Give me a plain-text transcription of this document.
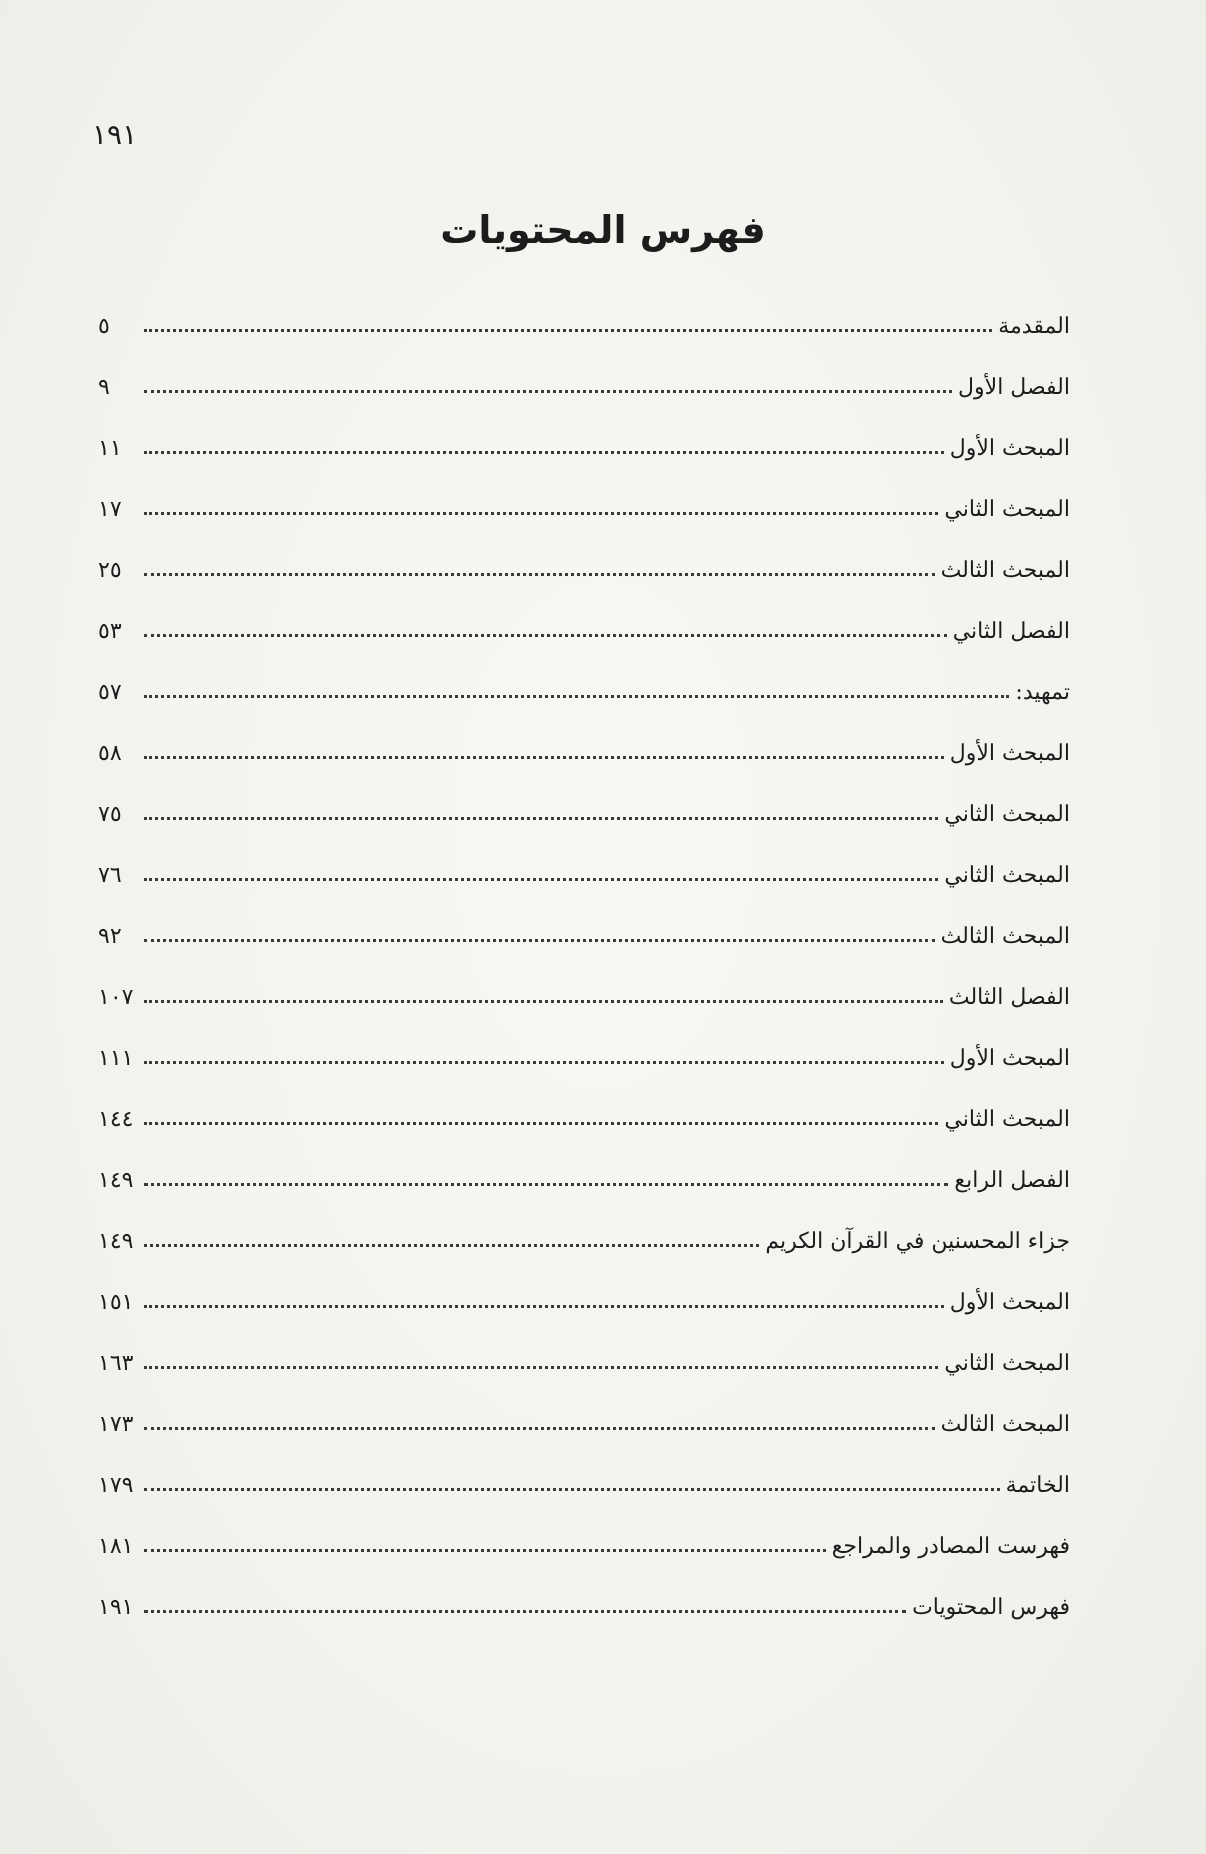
١٩١
فهرس المحتويات
المقدمة
٥
الفصل الأول
٩
المبحث الأول
١١
المبحث الثاني
١٧
المبحث الثالث
٢٥
الفصل الثاني
٥٣
تمهيد:
٥٧
المبحث الأول
٥٨
المبحث الثاني
٧٥
المبحث الثاني
٧٦
المبحث الثالث
٩٢
الفصل الثالث
١٠٧
المبحث الأول
١١١
المبحث الثاني
١٤٤
الفصل الرابع
١٤٩
جزاء المحسنين في القرآن الكريم
١٤٩
المبحث الأول
١٥١
المبحث الثاني
١٦٣
المبحث الثالث
١٧٣
الخاتمة
١٧٩
فهرست المصادر والمراجع
١٨١
فهرس المحتويات
١٩١
